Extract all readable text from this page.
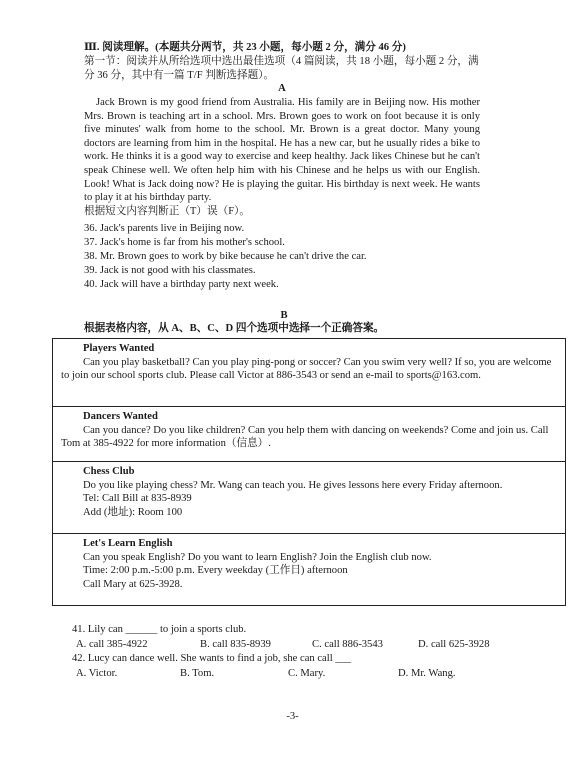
Ⅲ. 阅读理解。(本题共分两节，共 23 小题，每小题 2 分，满分 46 分)
第一节：阅读并从所给选项中选出最佳选项（4 篇阅读，共 18 小题，每小题 2 分，满分 36 分，其中有一篇 T/F 判断选择题）。
A

Jack Brown is my good friend from Australia. His family are in Beijing now. His mother Mrs. Brown is teaching art in a school. Mrs. Brown goes to work on foot because it is only five minutes' walk from home to the school. Mr. Brown is a great doctor. Many young doctors are learning from him in the hospital. He has a new car, but he usually rides a bike to work. He thinks it is a good way to exercise and keep healthy. Jack likes Chinese but he can't speak Chinese well. We often help him with his Chinese and he helps us with our English. Look! What is Jack doing now? He is playing the guitar. His birthday is next week. He wants to play it at his birthday party.

根据短文内容判断正（T）误（F）。
36. Jack's parents live in Beijing now.
37. Jack's home is far from his mother's school.
38. Mr. Brown goes to work by bike because he can't drive the car.
39. Jack is not good with his classmates.
40. Jack will have a birthday party next week.
B
根据表格内容，从 A、B、C、D 四个选项中选择一个正确答案。
Players Wanted
Can you play basketball? Can you play ping-pong or soccer? Can you swim very well? If so, you are welcome to join our school sports club. Please call Victor at 886-3543 or send an e-mail to sports@163.com.
Dancers Wanted
Can you dance? Do you like children? Can you help them with dancing on weekends? Come and join us. Call Tom at 385-4922 for more information（信息）.
Chess Club
Do you like playing chess? Mr. Wang can teach you. He gives lessons here every Friday afternoon.
Tel: Call Bill at 835-8939
Add (地址): Room 100
Let's Learn English
Can you speak English? Do you want to learn English? Join the English club now.
Time: 2:00 p.m.-5:00 p.m. Every weekday (工作日) afternoon
Call Mary at 625-3928.
41. Lily can ______ to join a sports club.
A. call 385-4922	B. call 835-8939	C. call 886-3543	D. call 625-3928
42. Lucy can dance well. She wants to find a job, she can call ___
A. Victor.	B. Tom.	C. Mary.	D. Mr. Wang.
-3-
